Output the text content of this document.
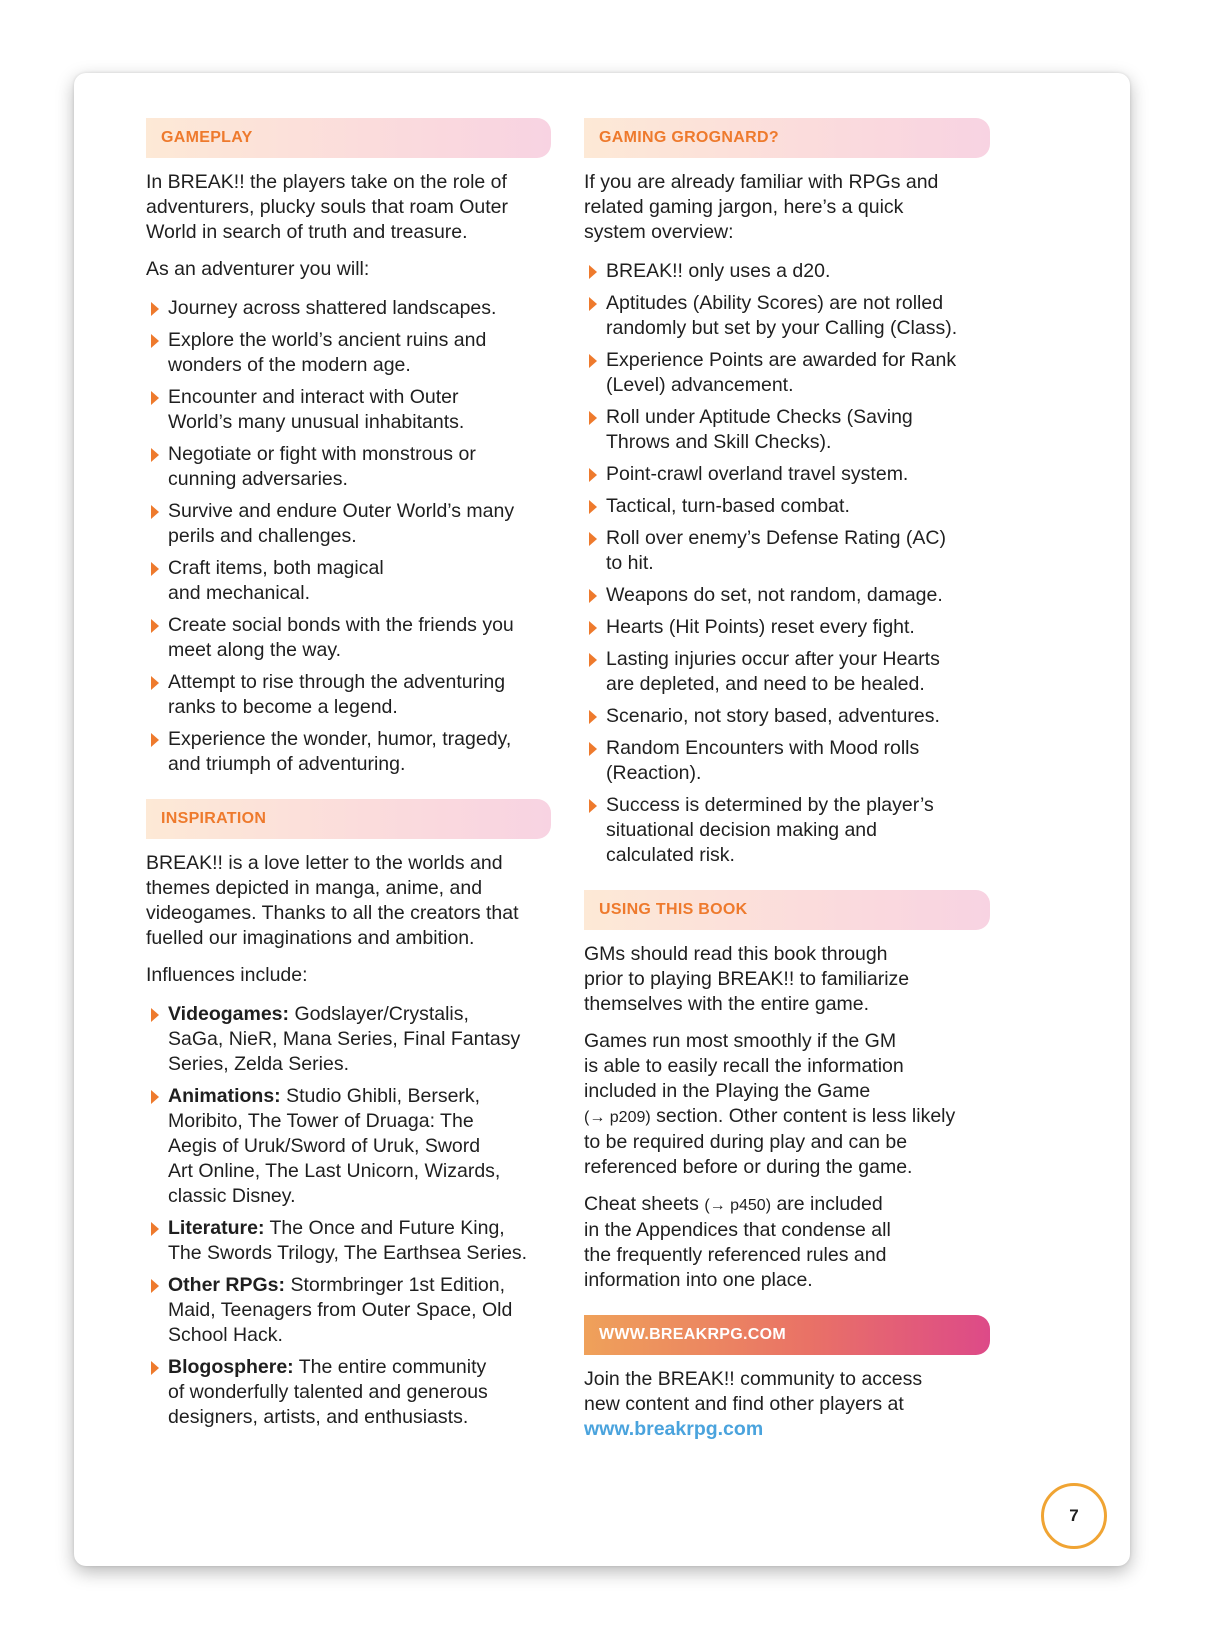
GAMEPLAY

In BREAK!! the players take on the role of
adventurers, plucky souls that roam Outer
World in search of truth and treasure.

As an adventurer you will:

Journey across shattered landscapes.
Explore the world’s ancient ruins and
wonders of the modern age.
Encounter and interact with Outer
World’s many unusual inhabitants.
Negotiate or fight with monstrous or
cunning adversaries.
Survive and endure Outer World’s many
perils and challenges.
Craft items, both magical
and mechanical.
Create social bonds with the friends you
meet along the way.
Attempt to rise through the adventuring
ranks to become a legend.
Experience the wonder, humor, tragedy,
and triumph of adventuring.
INSPIRATION

BREAK!! is a love letter to the worlds and
themes depicted in manga, anime, and
videogames. Thanks to all the creators that
fuelled our imaginations and ambition.

Influences include:

Videogames: Godslayer/Crystalis,
SaGa, NieR, Mana Series, Final Fantasy
Series, Zelda Series.
Animations: Studio Ghibli, Berserk,
Moribito, The Tower of Druaga: The
Aegis of Uruk/Sword of Uruk, Sword
Art Online, The Last Unicorn, Wizards,
classic Disney.
Literature: The Once and Future King,
The Swords Trilogy, The Earthsea Series.
Other RPGs: Stormbringer 1st Edition,
Maid, Teenagers from Outer Space, Old
School Hack.
Blogosphere: The entire community
of wonderfully talented and generous
designers, artists, and enthusiasts.
GAMING GROGNARD?

If you are already familiar with RPGs and
related gaming jargon, here’s a quick
system overview:

BREAK!! only uses a d20.
Aptitudes (Ability Scores) are not rolled
randomly but set by your Calling (Class).
Experience Points are awarded for Rank
(Level) advancement.
Roll under Aptitude Checks (Saving
Throws and Skill Checks).
Point-crawl overland travel system.
Tactical, turn-based combat.
Roll over enemy’s Defense Rating (AC)
to hit.
Weapons do set, not random, damage.
Hearts (Hit Points) reset every fight.
Lasting injuries occur after your Hearts
are depleted, and need to be healed.
Scenario, not story based, adventures.
Random Encounters with Mood rolls
(Reaction).
Success is determined by the player’s
situational decision making and
calculated risk.
USING THIS BOOK

GMs should read this book through
prior to playing BREAK!! to familiarize
themselves with the entire game.

Games run most smoothly if the GM
is able to easily recall the information
included in the Playing the Game
(→ p209) section. Other content is less likely
to be required during play and can be
referenced before or during the game.

Cheat sheets (→ p450) are included
in the Appendices that condense all
the frequently referenced rules and
information into one place.

WWW.BREAKRPG.COM

Join the BREAK!! community to access
new content and find other players at
www.breakrpg.com

7
